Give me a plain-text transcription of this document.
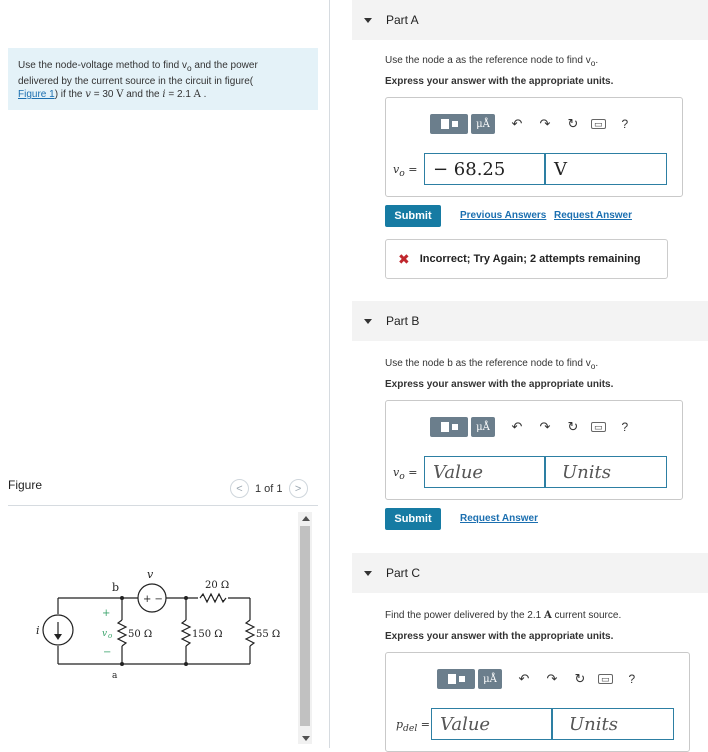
Use the node-voltage method to find $v_o$ and the power
delivered by the current source in the circuit in figure(
Figure 1) if the v = 30 V and the i = 2.1 A .
Figure	<	1 of 1	>
v
+ −
b
a
20 Ω
50 Ω	150 Ω	55 Ω
i
+
v o
−
Part A
Use the node a as the reference node to find $v_o$.
Express your answer with the appropriate units.
μÅ	↶ ↷ ↻	▭ ?
$v_o$ = − 68.25	V
Submit	Previous Answers Request Answer
✖ Incorrect; Try Again; 2 attempts remaining
Part B
Use the node b as the reference node to find $v_o$.
Express your answer with the appropriate units.
μÅ	↶ ↷ ↻	▭ ?
$v_o$ = Value	Units
Submit	Request Answer
Part C
Find the power delivered by the 2.1 A current source.
Express your answer with the appropriate units.
μÅ	↶ ↷ ↻	▭ ?
$p_{del}$ = Value	Units
